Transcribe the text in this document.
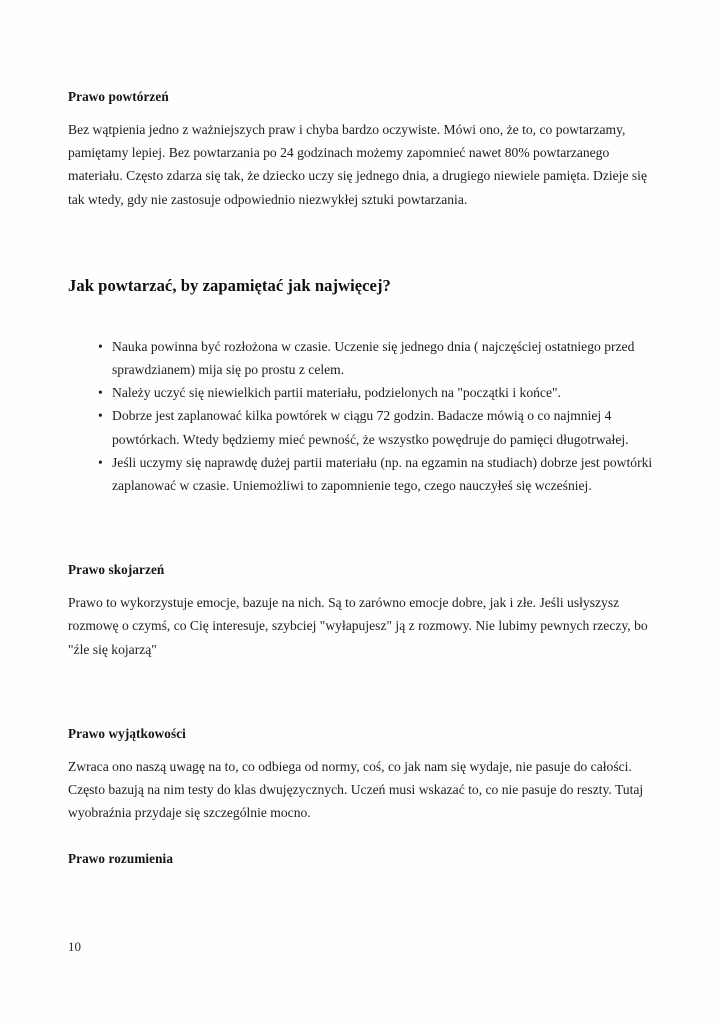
Prawo powtórzeń

Bez wątpienia jedno z ważniejszych praw i chyba bardzo oczywiste. Mówi ono, że to, co powtarzamy, pamiętamy lepiej. Bez powtarzania po 24 godzinach możemy zapomnieć nawet 80% powtarzanego materiału. Często zdarza się tak, że dziecko uczy się jednego dnia, a drugiego niewiele pamięta. Dzieje się tak wtedy, gdy nie zastosuje odpowiednio niezwykłej sztuki powtarzania.

Jak powtarzać, by zapamiętać jak najwięcej?
• Nauka powinna być rozłożona w czasie. Uczenie się jednego dnia ( najczęściej ostatniego przed sprawdzianem) mija się po prostu z celem.
• Należy uczyć się niewielkich partii materiału, podzielonych na "początki i końce".
• Dobrze jest zaplanować kilka powtórek w ciągu 72 godzin. Badacze mówią o co najmniej 4 powtórkach. Wtedy będziemy mieć pewność, że wszystko powędruje do pamięci długotrwałej.
• Jeśli uczymy się naprawdę dużej partii materiału (np. na egzamin na studiach) dobrze jest powtórki zaplanować w czasie. Uniemożliwi to zapomnienie tego, czego nauczyłeś się wcześniej.
Prawo skojarzeń

Prawo to wykorzystuje emocje, bazuje na nich. Są to zarówno emocje dobre, jak i złe. Jeśli usłyszysz rozmowę o czymś, co Cię interesuje, szybciej "wyłapujesz" ją z rozmowy. Nie lubimy pewnych rzeczy, bo "źle się kojarzą"

Prawo wyjątkowości

Zwraca ono naszą uwagę na to, co odbiega od normy, coś, co jak nam się wydaje, nie pasuje do całości. Często bazują na nim testy do klas dwujęzycznych. Uczeń musi wskazać to, co nie pasuje do reszty. Tutaj wyobraźnia przydaje się szczególnie mocno.

Prawo rozumienia
10
